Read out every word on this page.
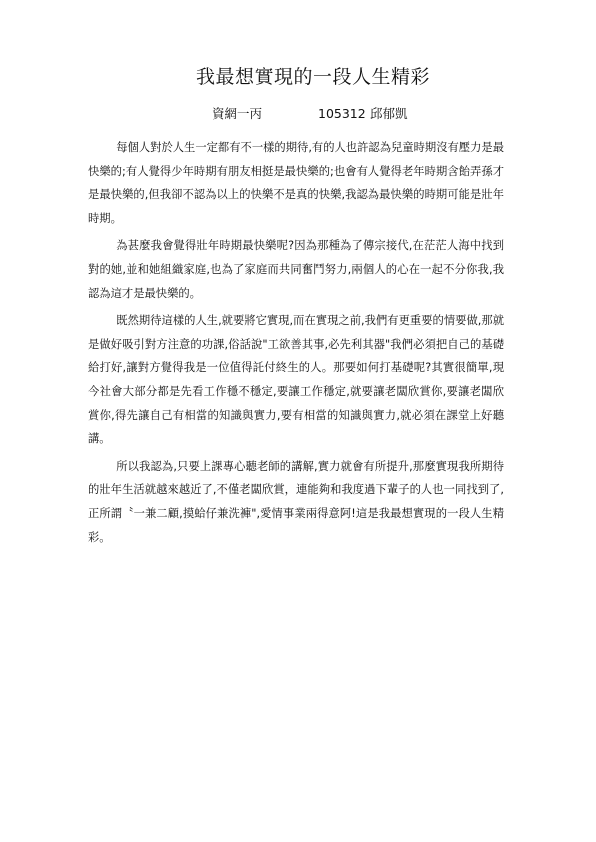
我最想實現的一段人生精彩
資網一丙	105312 邱郁凱

每個人對於人生一定都有不一樣的期待,有的人也許認為兒童時期沒有壓力是最快樂的;有人覺得少年時期有朋友相挺是最快樂的;也會有人覺得老年時期含飴弄孫才是最快樂的,但我卻不認為以上的快樂不是真的快樂,我認為最快樂的時期可能是壯年時期。

為甚麼我會覺得壯年時期最快樂呢?因為那種為了傳宗接代,在茫茫人海中找到對的她,並和她組織家庭,也為了家庭而共同奮鬥努力,兩個人的心在一起不分你我,我認為這才是最快樂的。

既然期待這樣的人生,就要將它實現,而在實現之前,我們有更重要的情要做,那就是做好吸引對方注意的功課,俗話說"工欲善其事,必先利其器"我們必須把自己的基礎給打好,讓對方覺得我是一位值得託付終生的人。那要如何打基礎呢?其實很簡單,現今社會大部分都是先看工作穩不穩定,要讓工作穩定,就要讓老闆欣賞你,要讓老闆欣賞你,得先讓自己有相當的知識與實力,要有相當的知識與實力,就必須在課堂上好聽講。

所以我認為,只要上課專心聽老師的講解,實力就會有所提升,那麼實現我所期待的壯年生活就越來越近了,不僅老闆欣賞，連能夠和我度過下輩子的人也一同找到了,正所謂〝一兼二顧,摸蛤仔兼洗褲",愛情事業兩得意阿!這是我最想實現的一段人生精彩。
